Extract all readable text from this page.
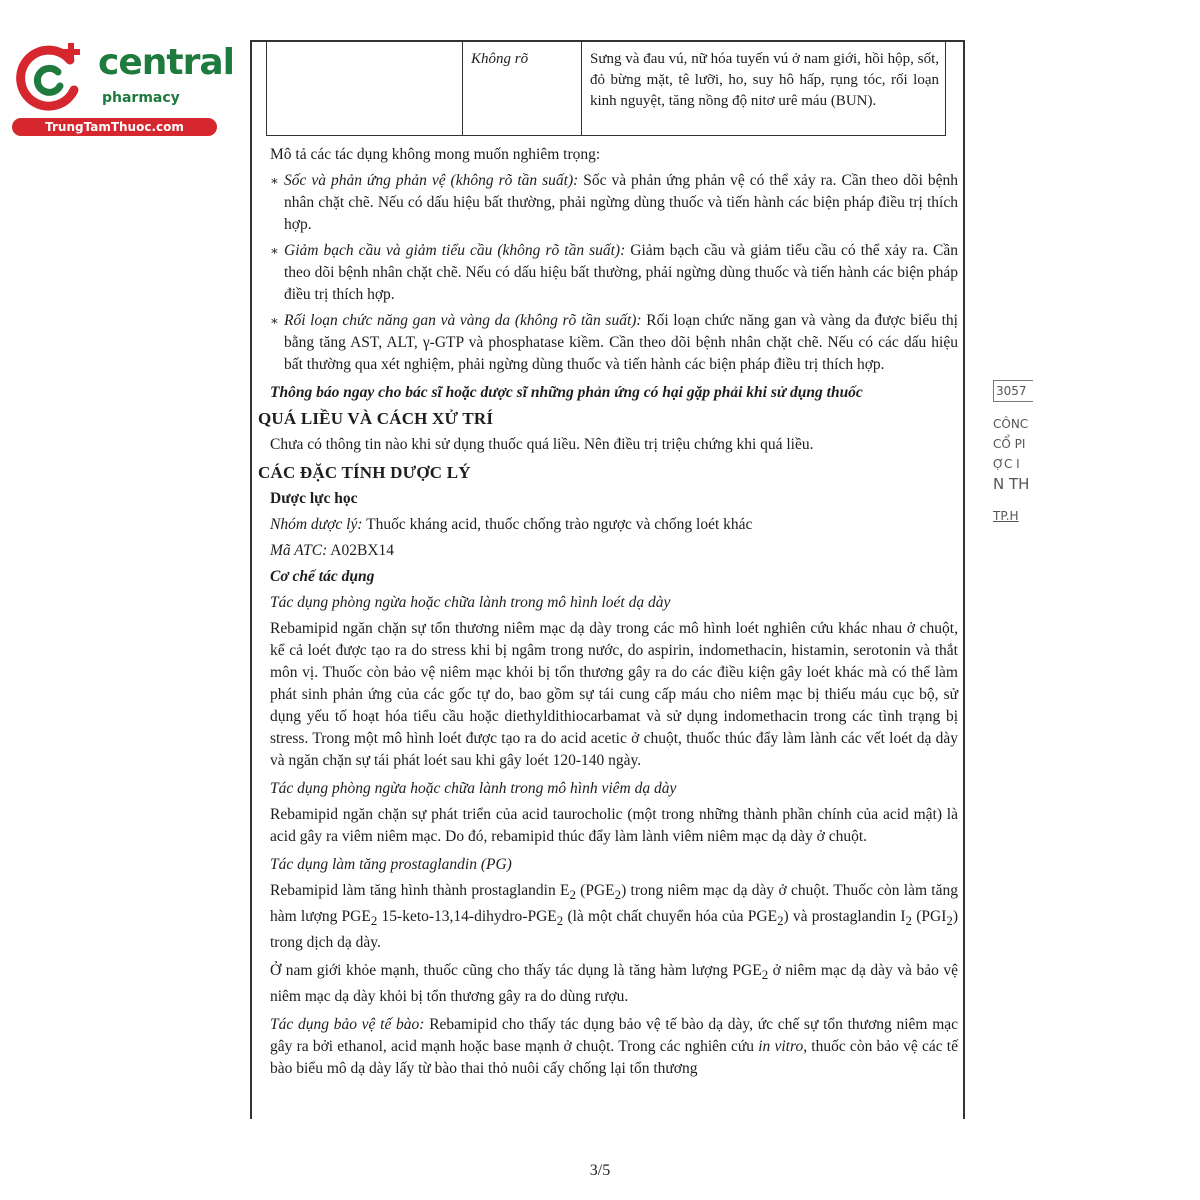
central
pharmacy
TrungTamThuoc.com
	Không rõ	Sưng và đau vú, nữ hóa tuyến vú ở nam giới, hồi hộp, sốt, đỏ bừng mặt, tê lưỡi, ho, suy hô hấp, rụng tóc, rối loạn kinh nguyệt, tăng nồng độ nitơ urê máu (BUN).

Mô tả các tác dụng không mong muốn nghiêm trọng:

∗ Sốc và phản ứng phản vệ (không rõ tần suất): Sốc và phản ứng phản vệ có thể xảy ra. Cần theo dõi bệnh nhân chặt chẽ. Nếu có dấu hiệu bất thường, phải ngừng dùng thuốc và tiến hành các biện pháp điều trị thích hợp.
∗ Giảm bạch cầu và giảm tiểu cầu (không rõ tần suất): Giảm bạch cầu và giảm tiểu cầu có thể xảy ra. Cần theo dõi bệnh nhân chặt chẽ. Nếu có dấu hiệu bất thường, phải ngừng dùng thuốc và tiến hành các biện pháp điều trị thích hợp.
∗ Rối loạn chức năng gan và vàng da (không rõ tần suất): Rối loạn chức năng gan và vàng da được biểu thị bằng tăng AST, ALT, γ-GTP và phosphatase kiềm. Cần theo dõi bệnh nhân chặt chẽ. Nếu có các dấu hiệu bất thường qua xét nghiệm, phải ngừng dùng thuốc và tiến hành các biện pháp điều trị thích hợp.

Thông báo ngay cho bác sĩ hoặc dược sĩ những phản ứng có hại gặp phải khi sử dụng thuốc

QUÁ LIỀU VÀ CÁCH XỬ TRÍ

Chưa có thông tin nào khi sử dụng thuốc quá liều. Nên điều trị triệu chứng khi quá liều.

CÁC ĐẶC TÍNH DƯỢC LÝ
Dược lực học
Nhóm dược lý: Thuốc kháng acid, thuốc chống trào ngược và chống loét khác
Mã ATC: A02BX14
Cơ chế tác dụng
Tác dụng phòng ngừa hoặc chữa lành trong mô hình loét dạ dày

Rebamipid ngăn chặn sự tổn thương niêm mạc dạ dày trong các mô hình loét nghiên cứu khác nhau ở chuột, kể cả loét được tạo ra do stress khi bị ngâm trong nước, do aspirin, indomethacin, histamin, serotonin và thắt môn vị. Thuốc còn bảo vệ niêm mạc khỏi bị tổn thương gây ra do các điều kiện gây loét khác mà có thể làm phát sinh phản ứng của các gốc tự do, bao gồm sự tái cung cấp máu cho niêm mạc bị thiếu máu cục bộ, sử dụng yếu tố hoạt hóa tiểu cầu hoặc diethyldithiocarbamat và sử dụng indomethacin trong các tình trạng bị stress. Trong một mô hình loét được tạo ra do acid acetic ở chuột, thuốc thúc đẩy làm lành các vết loét dạ dày và ngăn chặn sự tái phát loét sau khi gây loét 120-140 ngày.

Tác dụng phòng ngừa hoặc chữa lành trong mô hình viêm dạ dày

Rebamipid ngăn chặn sự phát triển của acid taurocholic (một trong những thành phần chính của acid mật) là acid gây ra viêm niêm mạc. Do đó, rebamipid thúc đẩy làm lành viêm niêm mạc dạ dày ở chuột.

Tác dụng làm tăng prostaglandin (PG)

Rebamipid làm tăng hình thành prostaglandin $E_2$ $(PGE_2)$ trong niêm mạc dạ dày ở chuột. Thuốc còn làm tăng hàm lượng $PGE_2$ $15-keto-13,14-dihydro-PGE_2$ (là một chất chuyển hóa của $PGE_2$) và prostaglandin $I_2$ $(PGI_2)$ trong dịch dạ dày.

Ở nam giới khỏe mạnh, thuốc cũng cho thấy tác dụng là tăng hàm lượng $PGE_2$ ở niêm mạc dạ dày và bảo vệ niêm mạc dạ dày khỏi bị tổn thương gây ra do dùng rượu.

Tác dụng bảo vệ tế bào: Rebamipid cho thấy tác dụng bảo vệ tế bào dạ dày, ức chế sự tổn thương niêm mạc gây ra bởi ethanol, acid mạnh hoặc base mạnh ở chuột. Trong các nghiên cứu in vitro, thuốc còn bảo vệ các tế bào biểu mô dạ dày lấy từ bào thai thỏ nuôi cấy chống lại tổn thương

3057
CÔNC
CỔ PI
ỢC I
N TH
TP.H
3/5
